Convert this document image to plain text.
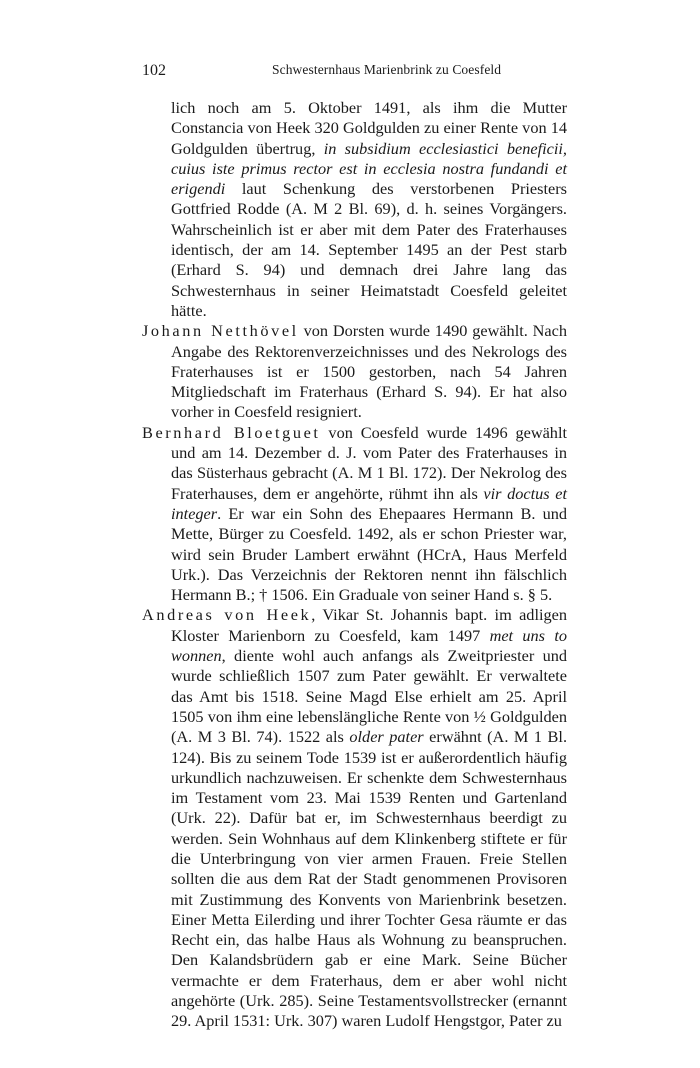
102	Schwesternhaus Marienbrink zu Coesfeld

lich noch am 5. Oktober 1491, als ihm die Mutter Constancia von Heek 320 Goldgulden zu einer Rente von 14 Goldgulden übertrug, in subsidium ecclesiastici beneficii, cuius iste primus rector est in ecclesia nostra fundandi et erigendi laut Schenkung des verstorbenen Priesters Gottfried Rodde (A. M 2 Bl. 69), d. h. seines Vorgängers. Wahrscheinlich ist er aber mit dem Pater des Fraterhauses identisch, der am 14. September 1495 an der Pest starb (Erhard S. 94) und demnach drei Jahre lang das Schwesternhaus in seiner Heimatstadt Coesfeld geleitet hätte.

Johann Netthövel von Dorsten wurde 1490 gewählt. Nach Angabe des Rektorenverzeichnisses und des Nekrologs des Fraterhauses ist er 1500 gestorben, nach 54 Jahren Mitgliedschaft im Fraterhaus (Erhard S. 94). Er hat also vorher in Coesfeld resigniert.

Bernhard Bloetguet von Coesfeld wurde 1496 gewählt und am 14. Dezember d. J. vom Pater des Fraterhauses in das Süsterhaus gebracht (A. M 1 Bl. 172). Der Nekrolog des Fraterhauses, dem er angehörte, rühmt ihn als vir doctus et integer. Er war ein Sohn des Ehepaares Hermann B. und Mette, Bürger zu Coesfeld. 1492, als er schon Priester war, wird sein Bruder Lambert erwähnt (HCrA, Haus Merfeld Urk.). Das Verzeichnis der Rektoren nennt ihn fälschlich Hermann B.; † 1506. Ein Graduale von seiner Hand s. § 5.

Andreas von Heek, Vikar St. Johannis bapt. im adligen Kloster Marienborn zu Coesfeld, kam 1497 met uns to wonnen, diente wohl auch anfangs als Zweitpriester und wurde schließlich 1507 zum Pater gewählt. Er verwaltete das Amt bis 1518. Seine Magd Else erhielt am 25. April 1505 von ihm eine lebenslängliche Rente von ½ Goldgulden (A. M 3 Bl. 74). 1522 als older pater erwähnt (A. M 1 Bl. 124). Bis zu seinem Tode 1539 ist er außerordentlich häufig urkundlich nachzuweisen. Er schenkte dem Schwesternhaus im Testament vom 23. Mai 1539 Renten und Gartenland (Urk. 22). Dafür bat er, im Schwesternhaus beerdigt zu werden. Sein Wohnhaus auf dem Klinkenberg stiftete er für die Unterbringung von vier armen Frauen. Freie Stellen sollten die aus dem Rat der Stadt genommenen Provisoren mit Zustimmung des Konvents von Marienbrink besetzen. Einer Metta Eilerding und ihrer Tochter Gesa räumte er das Recht ein, das halbe Haus als Wohnung zu beanspruchen. Den Kalandsbrüdern gab er eine Mark. Seine Bücher vermachte er dem Fraterhaus, dem er aber wohl nicht angehörte (Urk. 285). Seine Testamentsvollstrecker (ernannt 29. April 1531: Urk. 307) waren Ludolf Hengstgor, Pater zu
